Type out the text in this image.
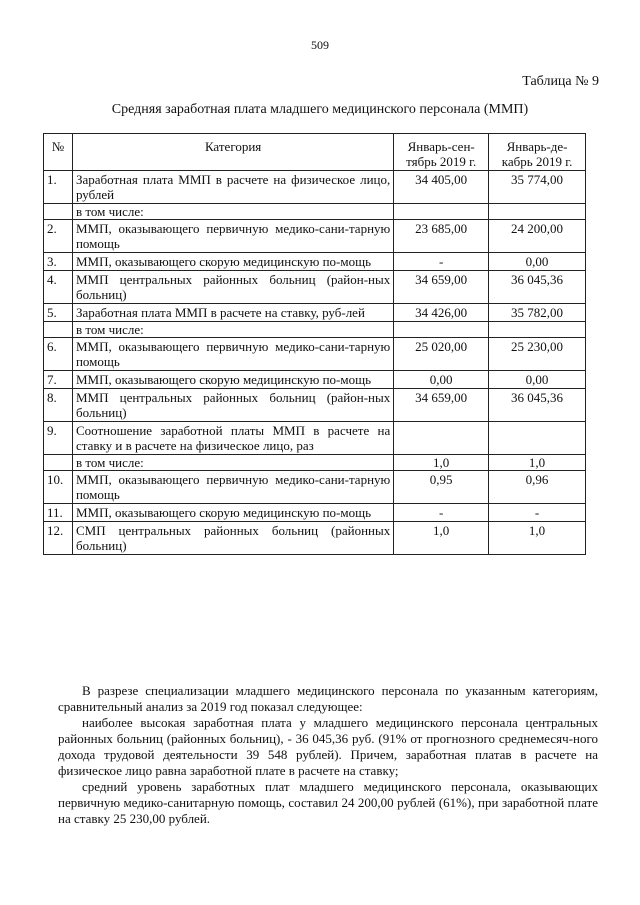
509
Таблица № 9
Средняя заработная плата младшего медицинского персонала (ММП)
№	Категория	Январь-сен-тябрь 2019 г.	Январь-де-кабрь 2019 г.
1.	Заработная плата ММП в расчете на физическое лицо, рублей	34 405,00	35 774,00
	в том числе:		
2.	ММП, оказывающего первичную медико-сани-тарную помощь	23 685,00	24 200,00
3.	ММП, оказывающего скорую медицинскую по-мощь	-	0,00
4.	ММП центральных районных больниц (район-ных больниц)	34 659,00	36 045,36
5.	Заработная плата ММП в расчете на ставку, руб-лей	34 426,00	35 782,00
	в том числе:		
6.	ММП, оказывающего первичную медико-сани-тарную помощь	25 020,00	25 230,00
7.	ММП, оказывающего скорую медицинскую по-мощь	0,00	0,00
8.	ММП центральных районных больниц (район-ных больниц)	34 659,00	36 045,36
9.	Соотношение заработной платы ММП в расчете на ставку и в расчете на физическое лицо, раз		
	в том числе:	1,0	1,0
10.	ММП, оказывающего первичную медико-сани-тарную помощь	0,95	0,96
11.	ММП, оказывающего скорую медицинскую по-мощь	-	-
12.	СМП центральных районных больниц (районных больниц)	1,0	1,0

В разрезе специализации младшего медицинского персонала по указанным категориям, сравнительный анализ за 2019 год показал следующее:

наиболее высокая заработная плата у младшего медицинского персонала центральных районных больниц (районных больниц), - 36 045,36 руб. (91% от прогнозного среднемесяч-ного дохода трудовой деятельности 39 548 рублей). Причем, заработная платав в расчете на физическое лицо равна заработной плате в расчете на ставку;

средний уровень заработных плат младшего медицинского персонала, оказывающих первичную медико-санитарную помощь, составил 24 200,00 рублей (61%), при заработной плате на ставку 25 230,00 рублей.
